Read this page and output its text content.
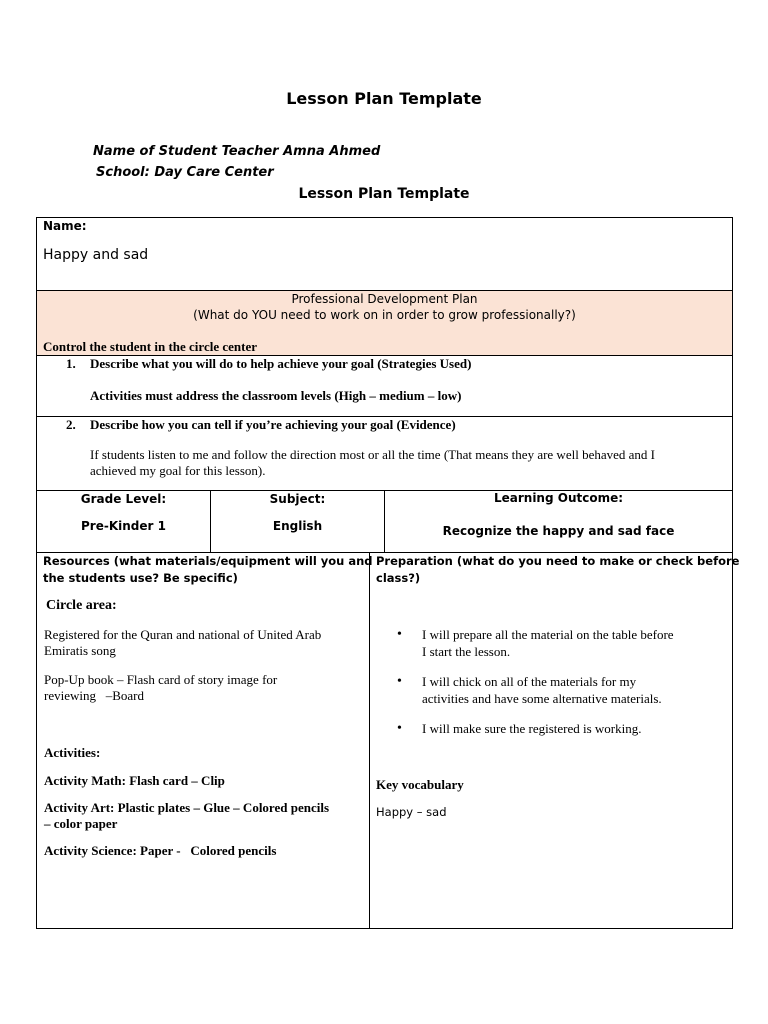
Lesson Plan Template
Name of Student Teacher Amna Ahmed
School: Day Care Center
Lesson Plan Template
Name:
Happy and sad
Professional Development Plan
(What do YOU need to work on in order to grow professionally?)
Control the student in the circle center
1. Describe what you will do to help achieve your goal (Strategies Used)
Activities must address the classroom levels (High – medium – low)
2. Describe how you can tell if you’re achieving your goal (Evidence)
If students listen to me and follow the direction most or all the time (That means they are well behaved and I
achieved my goal for this lesson).
Grade Level:
Pre-Kinder 1
Subject:
English
Learning Outcome:
Recognize the happy and sad face
Resources (what materials/equipment will you and
the students use? Be specific)
Circle area:
Registered for the Quran and national of United Arab
Emiratis song
Pop-Up book – Flash card of story image for
reviewing   –Board
Activities:
Activity Math: Flash card – Clip
Activity Art: Plastic plates – Glue – Colored pencils
– color paper
Activity Science: Paper -   Colored pencils
Preparation (what do you need to make or check before
class?)
• I will prepare all the material on the table before
I start the lesson.
• I will chick on all of the materials for my
activities and have some alternative materials.
• I will make sure the registered is working.
Key vocabulary
Happy – sad
